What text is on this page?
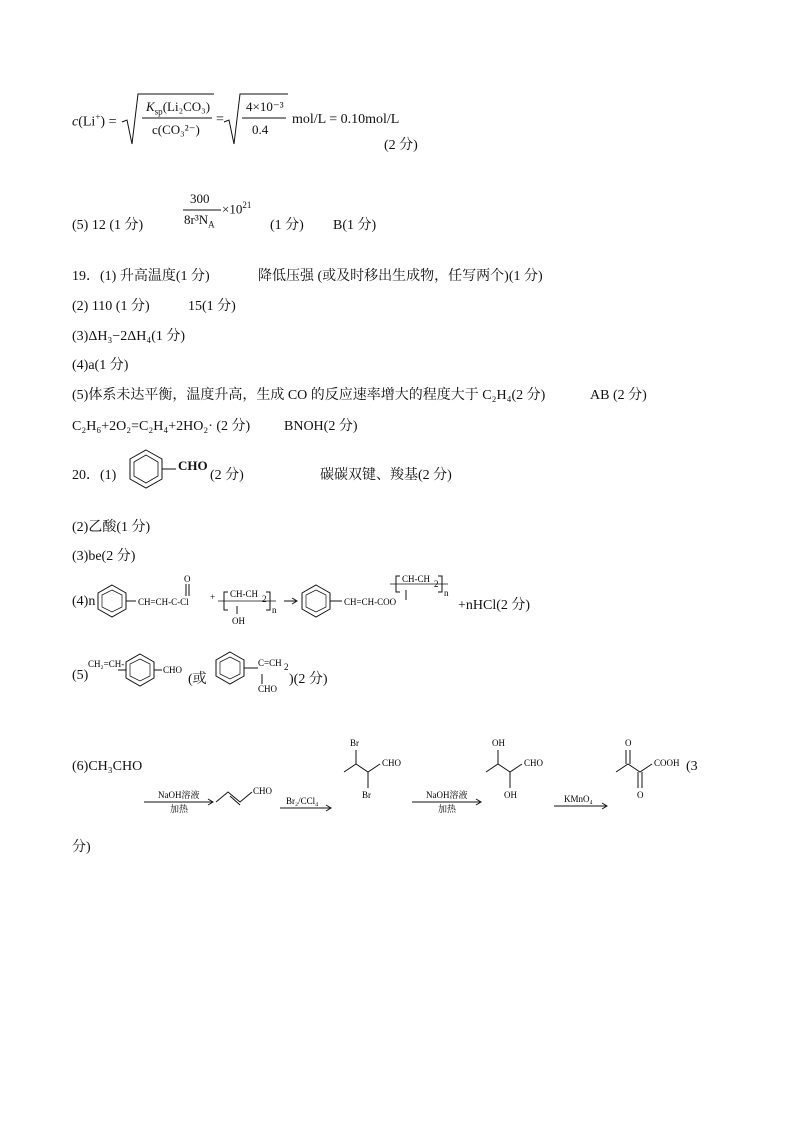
c(Li+) =
$K_{sp}(Li_2CO_3)$
c(CO₃²⁻)
=
4×10⁻³
0.4
mol/L = 0.10mol/L
(2 分)
(5) 12 (1 分)
300
$8r^3N_A$
$\times 10^{21}$
(1 分) B(1 分)
19．(1) 升高温度(1 分)	降低压强 (或及时移出生成物，任写两个)(1 分)
(2) 110 (1 分)	15(1 分)
(3)ΔH₃−2ΔH₄(1 分)
(4)a(1 分)
(5)体系未达平衡，温度升高，生成 CO 的反应速率增大的程度大于 C₂H₄(2 分)	AB (2 分)
C₂H₆+2O₂=C₂H₄+2HO₂· (2 分) BNOH(2 分)
20．(1)
CHO
(2 分)	碳碳双键、羧基(2 分)
(2)乙酸(1 分)
(3)be(2 分)
(4)n
O
CH=CH-C-Cl + CH-CH 2
n
OH
CH=CH-COO
CH-CH 2
n
+nHCl(2 分)
(5)
CH₂=CH-
CHO
C=CH 2
CHO
(或	)(2 分)
(6)CH₃CHO
NaOH溶液
加热
CHO
Br₂/CCl₄
Br
Br
CHO
NaOH溶液
加热
OH
OH
CHO
KMnO₄
O
O
COOH (3
分)
